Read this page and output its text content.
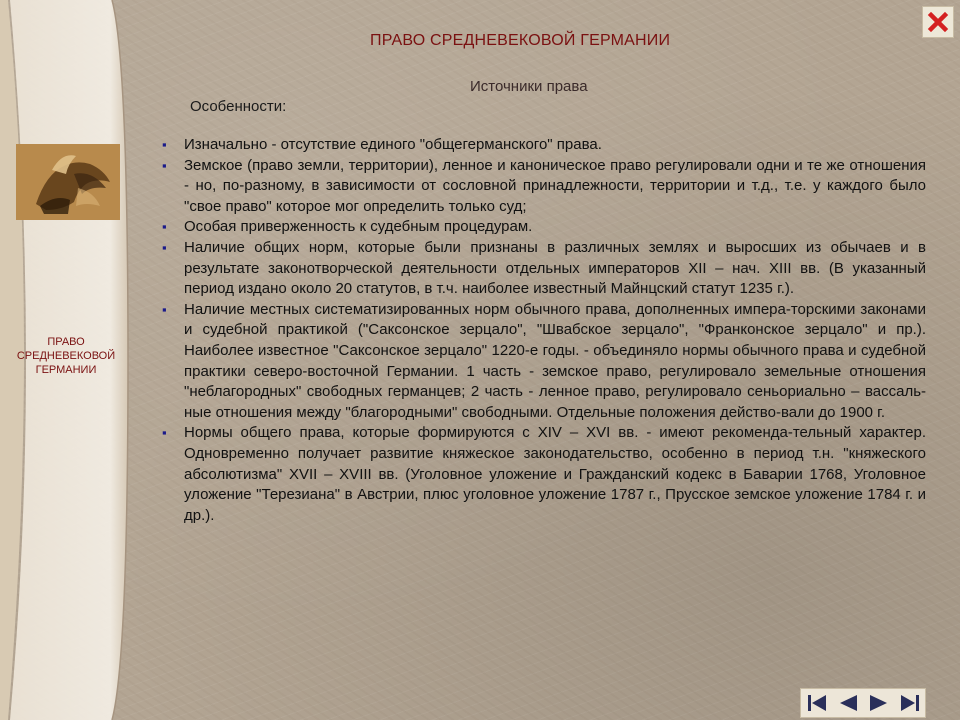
ПРАВО СРЕДНЕВЕКОВОЙ ГЕРМАНИИ
ПРАВО СРЕДНЕВЕКОВОЙ ГЕРМАНИИ
Источники права
Особенности:
▪ Изначально - отсутствие единого "общегерманского" права.
▪ Земское (право земли, территории), ленное и каноническое право регулировали одни и те же отношения - но, по-разному, в зависимости от сословной принадлежности, территории и т.д., т.е. у каждого было "свое право" которое мог определить только суд;
▪ Особая приверженность к судебным процедурам.
▪ Наличие общих норм, которые были признаны в различных землях и выросших из обычаев и в результате законотворческой деятельности отдельных императоров XII – нач. XIII вв. (В указанный период издано около 20 статутов, в т.ч. наиболее известный Майнцский статут 1235 г.).
▪ Наличие местных систематизированных норм обычного права, дополненных импера-торскими законами и судебной практикой ("Саксонское зерцало", "Швабское зерцало", "Франконское зерцало" и пр.). Наиболее известное "Саксонское зерцало" 1220-е годы. - объединяло нормы обычного права и судебной практики северо-восточной Германии. 1 часть - земское право, регулировало земельные отношения "неблагородных" свободных германцев; 2 часть - ленное право, регулировало сеньориально – вассаль-ные отношения между "благородными" свободными. Отдельные положения действо-вали до 1900 г.
▪ Нормы общего права, которые формируются с XIV – XVI вв. - имеют рекоменда-тельный характер. Одновременно получает развитие княжеское законодательство, особенно в период т.н. "княжеского абсолютизма" XVII – XVIII вв. (Уголовное уложение и Гражданский кодекс в Баварии 1768, Уголовное уложение "Терезиана" в Австрии, плюс уголовное уложение 1787 г., Прусское земское уложение 1784 г. и др.).
